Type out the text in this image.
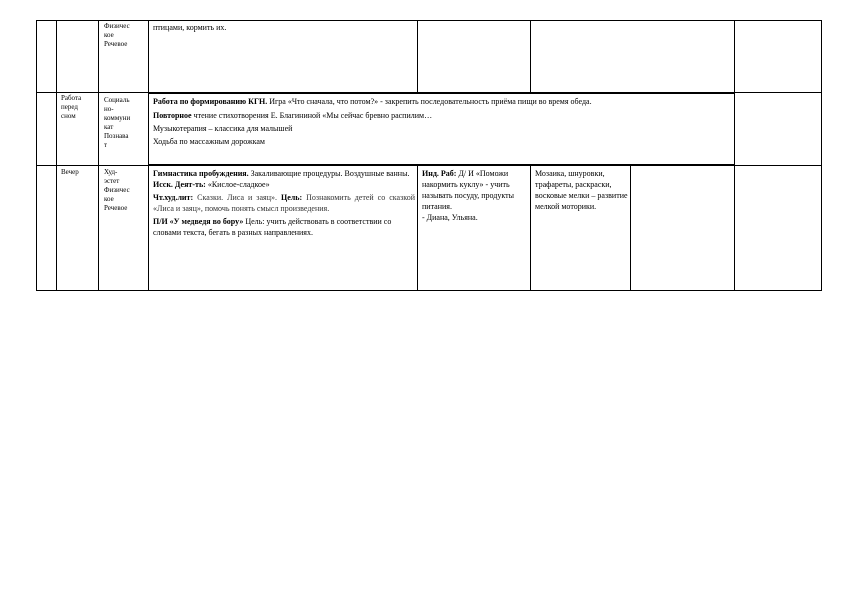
Физичес

кое

Речевое

птицами, кормить их.

Работа

перед

сном

Социаль

но-

коммуни

кат

Познава

т

Работа по формированию КГН. Игра «Что сначала, что потом?» - закрепить последовательность приёма пищи во время обеда.

Повторное чтение стихотворения Е. Благининой «Мы сейчас бревно распилим…

Музыкотерапия – классика для малышей

Ходьба по массажным дорожкам

Вечер	Худ-

эстет

Физичес

кое

Речевое

Гимнастика пробуждения. Закаливающие процедуры. Воздушные ванны.

Исск. Деят-ть: «Кислое-сладкое»

Чт.худ.лит: Сказки. Лиса и заяц». Цель: Познакомить детей со сказкой «Лиса и заяц», помочь понять смысл произведения.

П/И «У медведя во бору» Цель: учить действовать в соответствии со словами текста, бегать в разных направлениях.

Инд. Раб: Д/ И «Поможи накормить куклу» - учить называть посуду, продукты питания.

- Диана, Ульяна.

Мозаика, шнуровки, трафареты, раскраски, восковые мелки – развитие мелкой моторики.
